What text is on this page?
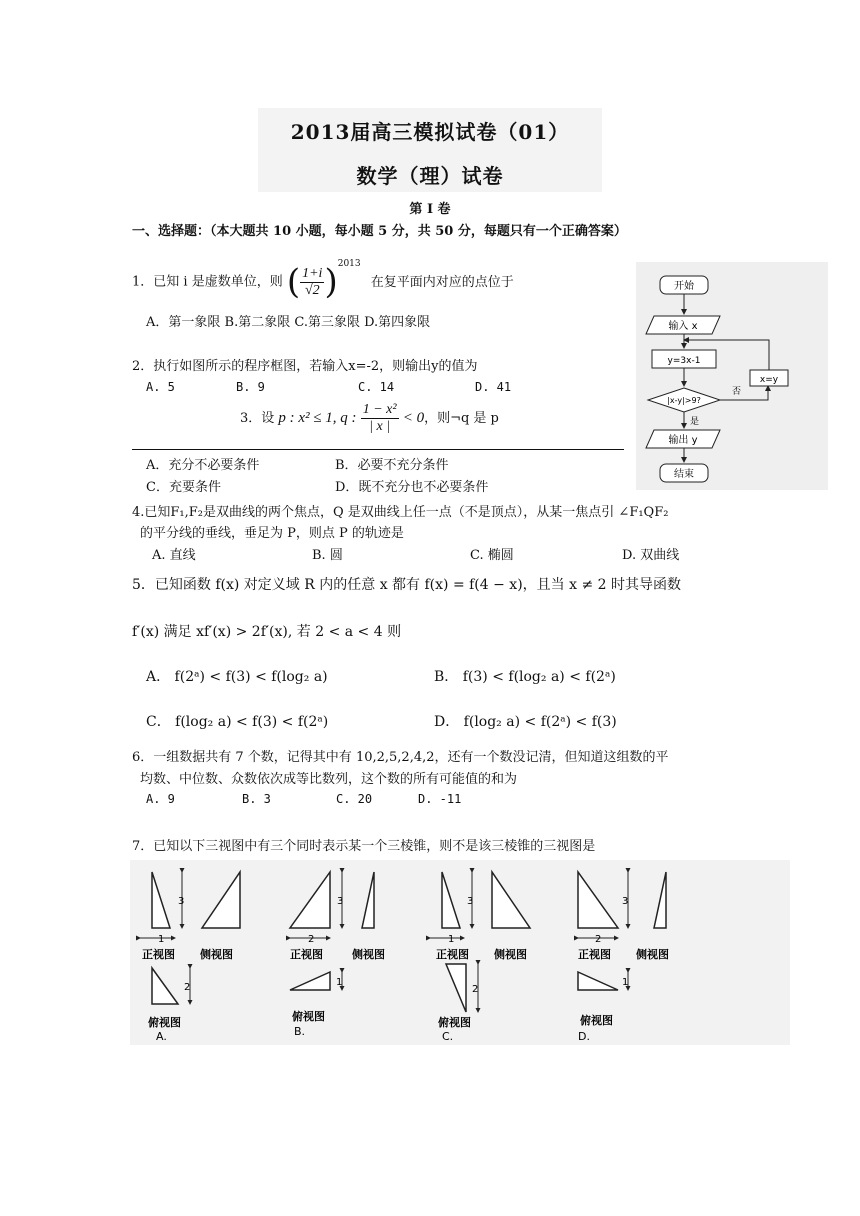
2013届高三模拟试卷（01）
数学（理）试卷
第 I 卷
一、选择题：（本大题共 10 小题，每小题 5 分，共 50 分，每题只有一个正确答案）
1．已知 i 是虚数单位，则 ( $\frac{1+i}{√2} )^{2013}$ 在复平面内对应的点位于
A．第一象限 B.第二象限 C.第三象限 D.第四象限
2．执行如图所示的程序框图，若输入x=-2，则输出y的值为
A. 5	B. 9	C. 14	D. 41
开始
输入 x
y=3x-1
|x-y|>9?
否
x=y
是
输出 y
结束
3．设 p : x² ≤ 1, q : $\frac{\text{1 − x²}}{| x |} < 0$，则¬q 是 p
A．充分不必要条件	B．必要不充分条件
C．充要条件	D．既不充分也不必要条件
4.已知F₁,F₂是双曲线的两个焦点，Q 是双曲线上任一点（不是顶点），从某一焦点引 ∠F₁QF₂
的平分线的垂线，垂足为 P，则点 P 的轨迹是
A. 直线	B. 圆	C. 椭圆	D. 双曲线
5．已知函数 f(x) 对定义域 R 内的任意 x 都有 f(x) = f(4 − x)，且当 x ≠ 2 时其导函数
f′(x) 满足 xf′(x) > 2f′(x), 若 2 < a < 4 则
A． f(2ᵃ) < f(3) < f(log₂ a)	B． f(3) < f(log₂ a) < f(2ᵃ)
C． f(log₂ a) < f(3) < f(2ᵃ)	D． f(log₂ a) < f(2ᵃ) < f(3)
6．一组数据共有 7 个数，记得其中有 10,2,5,2,4,2，还有一个数没记清，但知道这组数的平
均数、中位数、众数依次成等比数列，这个数的所有可能值的和为
A. 9	B. 3	C. 20	D. -11
7．已知以下三视图中有三个同时表示某一个三棱锥，则不是该三棱锥的三视图是
3
1
正视图 侧视图
2
俯视图
A.
3
2
正视图	侧视图
1
俯视图
B.
3
1
正视图 侧视图
2
俯视图
C.
3
2
正视图 侧视图
1
俯视图
D.
